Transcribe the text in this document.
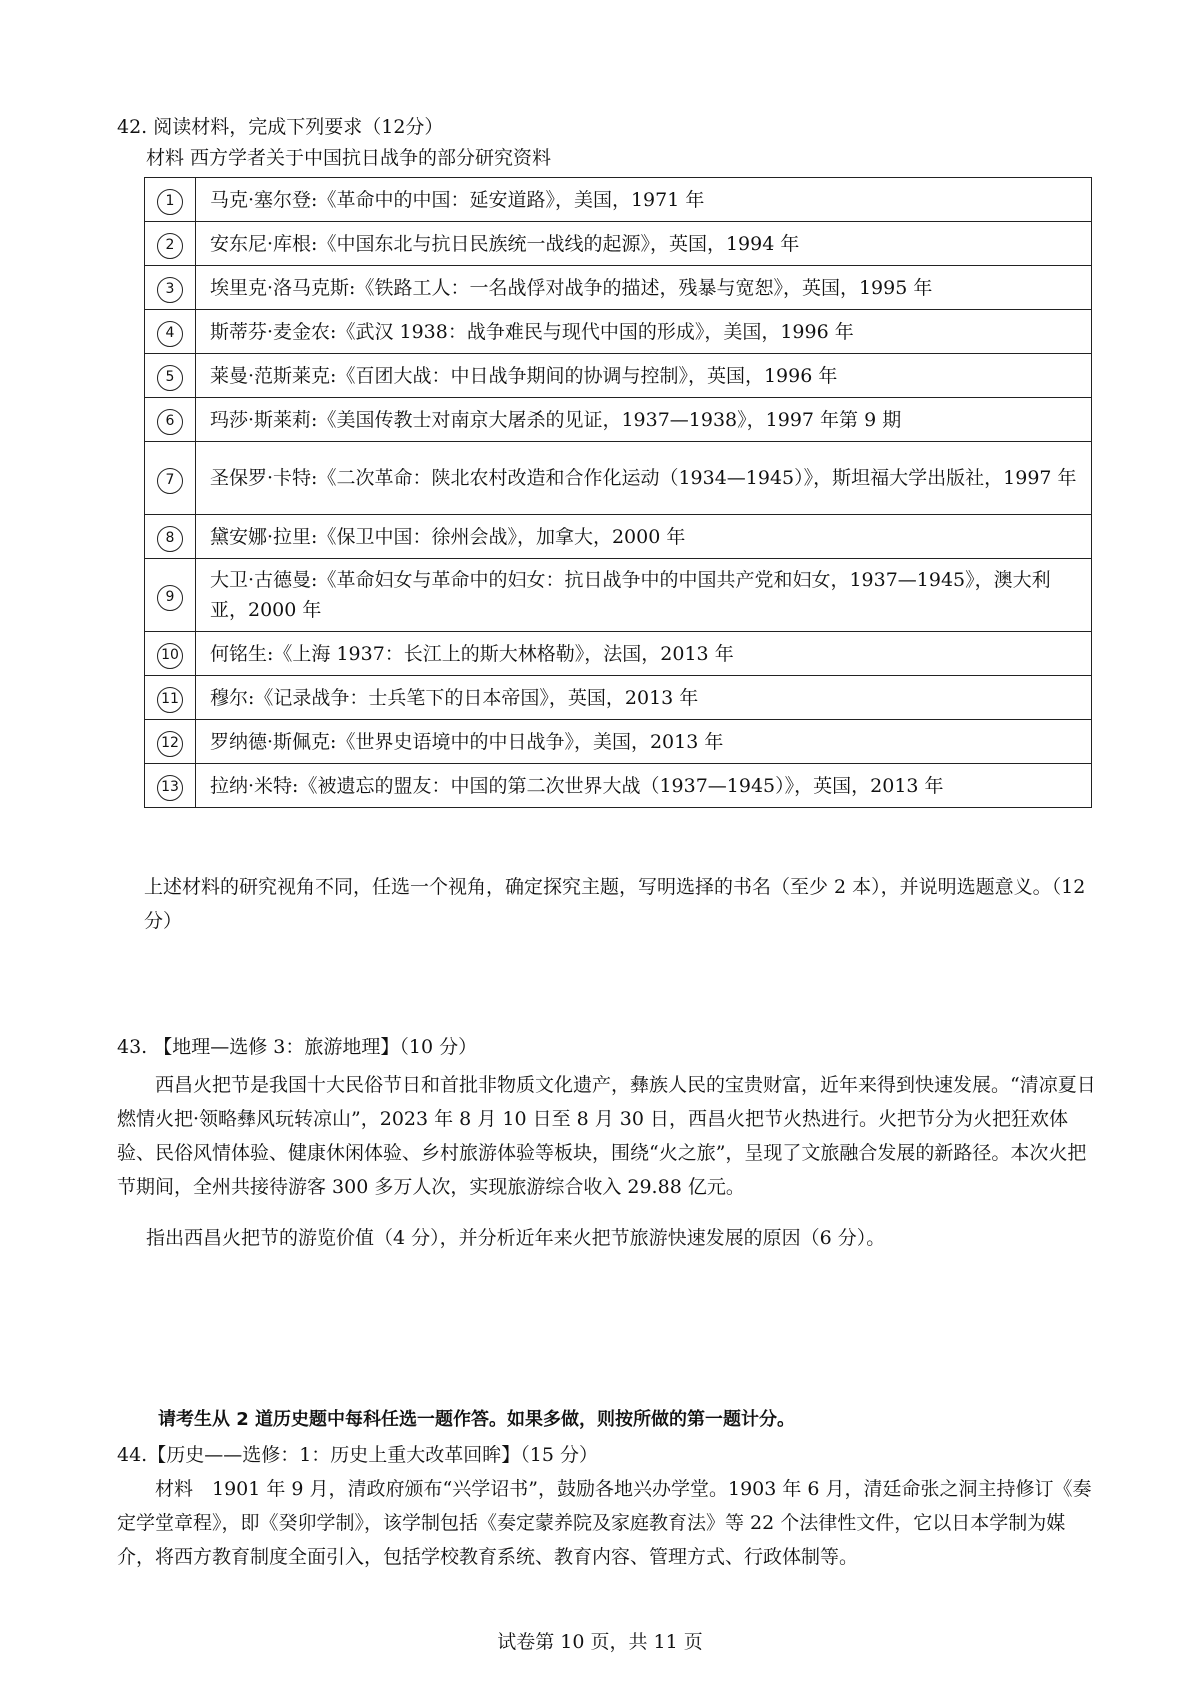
42. 阅读材料，完成下列要求（12分）
材料 西方学者关于中国抗日战争的部分研究资料
1	马克·塞尔登:《革命中的中国：延安道路》，美国，1971 年
2	安东尼·库根:《中国东北与抗日民族统一战线的起源》，英国，1994 年
3	埃里克·洛马克斯:《铁路工人：一名战俘对战争的描述，残暴与宽恕》，英国，1995 年
4	斯蒂芬·麦金农:《武汉 1938：战争难民与现代中国的形成》，美国，1996 年
5	莱曼·范斯莱克:《百团大战：中日战争期间的协调与控制》，英国，1996 年
6	玛莎·斯莱莉:《美国传教士对南京大屠杀的见证，1937—1938》，1997 年第 9 期
7	圣保罗·卡特:《二次革命：陕北农村改造和合作化运动（1934—1945）》，斯坦福大学出版社，1997 年
8	黛安娜·拉里:《保卫中国：徐州会战》，加拿大，2000 年
9	大卫·古德曼:《革命妇女与革命中的妇女：抗日战争中的中国共产党和妇女，1937—1945》，澳大利亚，2000 年
10	何铭生:《上海 1937：长江上的斯大林格勒》，法国，2013 年
11	穆尔:《记录战争：士兵笔下的日本帝国》，英国，2013 年
12	罗纳德·斯佩克:《世界史语境中的中日战争》，美国，2013 年
13	拉纳·米特:《被遗忘的盟友：中国的第二次世界大战（1937—1945）》，英国，2013 年
上述材料的研究视角不同，任选一个视角，确定探究主题，写明选择的书名（至少 2 本），并说明选题意义。（12 分）
43. 【地理—选修 3：旅游地理】（10 分）
西昌火把节是我国十大民俗节日和首批非物质文化遗产，彝族人民的宝贵财富，近年来得到快速发展。“清凉夏日燃情火把·领略彝风玩转凉山”，2023 年 8 月 10 日至 8 月 30 日，西昌火把节火热进行。火把节分为火把狂欢体验、民俗风情体验、健康休闲体验、乡村旅游体验等板块，围绕“火之旅”，呈现了文旅融合发展的新路径。本次火把节期间，全州共接待游客 300 多万人次，实现旅游综合收入 29.88 亿元。
指出西昌火把节的游览价值（4 分），并分析近年来火把节旅游快速发展的原因（6 分）。
请考生从 2 道历史题中每科任选一题作答。如果多做，则按所做的第一题计分。
44.【历史——选修：1：历史上重大改革回眸】（15 分）
材料　1901 年 9 月，清政府颁布“兴学诏书”，鼓励各地兴办学堂。1903 年 6 月，清廷命张之洞主持修订《奏定学堂章程》，即《癸卯学制》，该学制包括《奏定蒙养院及家庭教育法》等 22 个法律性文件，它以日本学制为媒介，将西方教育制度全面引入，包括学校教育系统、教育内容、管理方式、行政体制等。
试卷第 10 页，共 11 页
